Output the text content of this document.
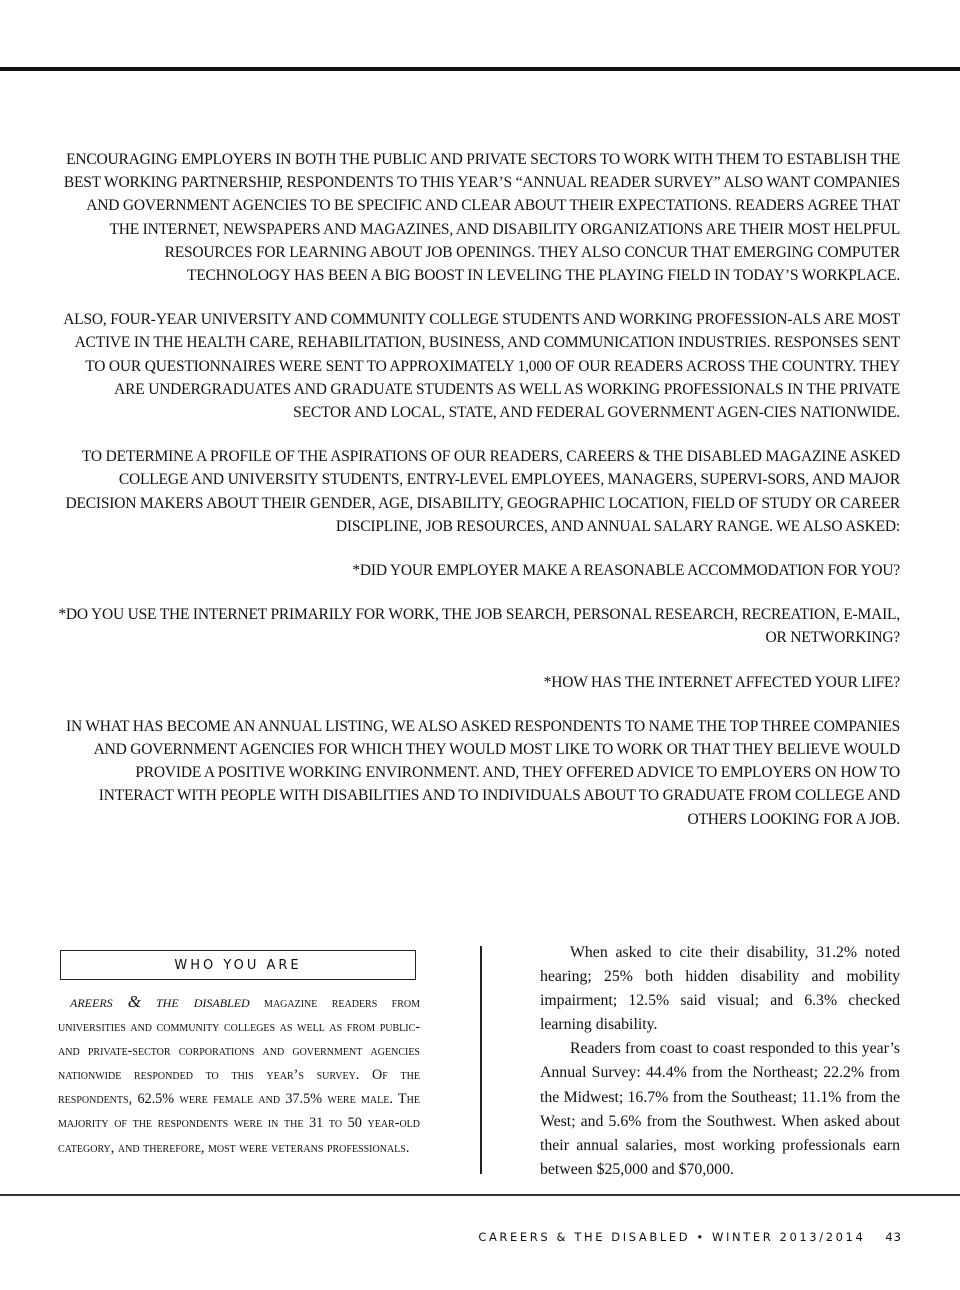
ENCOURAGING EMPLOYERS IN BOTH THE PUBLIC AND PRIVATE SECTORS TO WORK WITH THEM TO ESTABLISH THE BEST WORKING PARTNERSHIP, RESPONDENTS TO THIS YEAR’S “ANNUAL READER SURVEY” ALSO WANT COMPANIES AND GOVERNMENT AGENCIES TO BE SPECIFIC AND CLEAR ABOUT THEIR EXPECTATIONS. READERS AGREE THAT THE INTERNET, NEWSPAPERS AND MAGAZINES, AND DISABILITY ORGANIZATIONS ARE THEIR MOST HELPFUL RESOURCES FOR LEARNING ABOUT JOB OPENINGS. THEY ALSO CONCUR THAT EMERGING COMPUTER TECHNOLOGY HAS BEEN A BIG BOOST IN LEVELING THE PLAYING FIELD IN TODAY’S WORKPLACE.

ALSO, FOUR-YEAR UNIVERSITY AND COMMUNITY COLLEGE STUDENTS AND WORKING PROFESSION-ALS ARE MOST ACTIVE IN THE HEALTH CARE, REHABILITATION, BUSINESS, AND COMMUNICATION INDUSTRIES. RESPONSES SENT TO OUR QUESTIONNAIRES WERE SENT TO APPROXIMATELY 1,000 OF OUR READERS ACROSS THE COUNTRY. THEY ARE UNDERGRADUATES AND GRADUATE STUDENTS AS WELL AS WORKING PROFESSIONALS IN THE PRIVATE SECTOR AND LOCAL, STATE, AND FEDERAL GOVERNMENT AGEN-CIES NATIONWIDE.

TO DETERMINE A PROFILE OF THE ASPIRATIONS OF OUR READERS, CAREERS & THE DISABLED MAGAZINE ASKED COLLEGE AND UNIVERSITY STUDENTS, ENTRY-LEVEL EMPLOYEES, MANAGERS, SUPERVI-SORS, AND MAJOR DECISION MAKERS ABOUT THEIR GENDER, AGE, DISABILITY, GEOGRAPHIC LOCATION, FIELD OF STUDY OR CAREER DISCIPLINE, JOB RESOURCES, AND ANNUAL SALARY RANGE. WE ALSO ASKED:

*DID YOUR EMPLOYER MAKE A REASONABLE ACCOMMODATION FOR YOU?

*DO YOU USE THE INTERNET PRIMARILY FOR WORK, THE JOB SEARCH, PERSONAL RESEARCH, RECREATION, E-MAIL, OR NETWORKING?

*HOW HAS THE INTERNET AFFECTED YOUR LIFE?

IN WHAT HAS BECOME AN ANNUAL LISTING, WE ALSO ASKED RESPONDENTS TO NAME THE TOP THREE COMPANIES AND GOVERNMENT AGENCIES FOR WHICH THEY WOULD MOST LIKE TO WORK OR THAT THEY BELIEVE WOULD PROVIDE A POSITIVE WORKING ENVIRONMENT. AND, THEY OFFERED ADVICE TO EMPLOYERS ON HOW TO INTERACT WITH PEOPLE WITH DISABILITIES AND TO INDIVIDUALS ABOUT TO GRADUATE FROM COLLEGE AND OTHERS LOOKING FOR A JOB.

WHO YOU ARE
areers & the disabled magazine readers from universities and community colleges as well as from public- and private-sector corporations and government agencies nationwide responded to this year’s survey. Of the respondents, 62.5% were female and 37.5% were male. The majority of the respondents were in the 31 to 50 year-old category, and therefore, most were veterans professionals.

When asked to cite their disability, 31.2% noted hearing; 25% both hidden disability and mobility impairment; 12.5% said visual; and 6.3% checked learning disability.

Readers from coast to coast responded to this year’s Annual Survey: 44.4% from the Northeast; 22.2% from the Midwest; 16.7% from the Southeast; 11.1% from the West; and 5.6% from the Southwest. When asked about their annual salaries, most working professionals earn between $25,000 and $70,000.

CAREERS & THE DISABLED • WINTER 2013/2014 43
